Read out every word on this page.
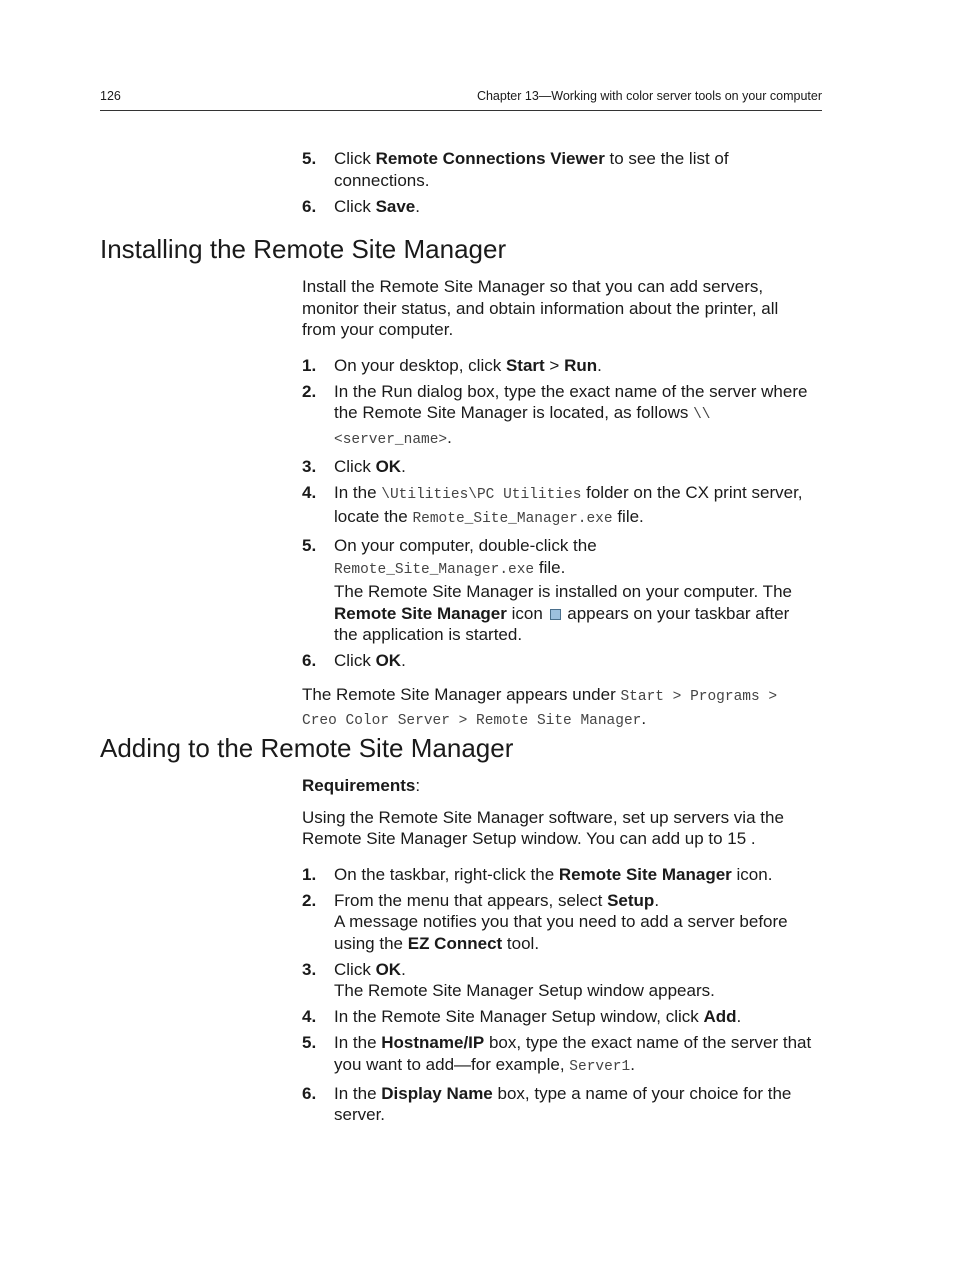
126	Chapter 13—Working with color server tools on your computer
5. Click Remote Connections Viewer to see the list of connections.
6. Click Save.
Installing the Remote Site Manager

Install the Remote Site Manager so that you can add servers, monitor their status, and obtain information about the printer, all from your computer.

1. On your desktop, click Start > Run.
2. In the Run dialog box, type the exact name of the server where the Remote Site Manager is located, as follows \\<server_name>.
3. Click OK.
4. In the \Utilities\PC Utilities folder on the CX print server, locate the Remote_Site_Manager.exe file.
5. On your computer, double-click the
Remote_Site_Manager.exe file.
The Remote Site Manager is installed on your computer. The Remote Site Manager icon  appears on your taskbar after the application is started.
6. Click OK.

The Remote Site Manager appears under Start > Programs > Creo Color Server > Remote Site Manager.

Adding to the Remote Site Manager

Requirements:

Using the Remote Site Manager software, set up servers via the Remote Site Manager Setup window. You can add up to 15 .

1. On the taskbar, right-click the Remote Site Manager icon.
2. From the menu that appears, select Setup.
A message notifies you that you need to add a server before using the EZ Connect tool.
3. Click OK.
The Remote Site Manager Setup window appears.
4. In the Remote Site Manager Setup window, click Add.
5. In the Hostname/IP box, type the exact name of the server that you want to add—for example, Server1.
6. In the Display Name box, type a name of your choice for the server.
